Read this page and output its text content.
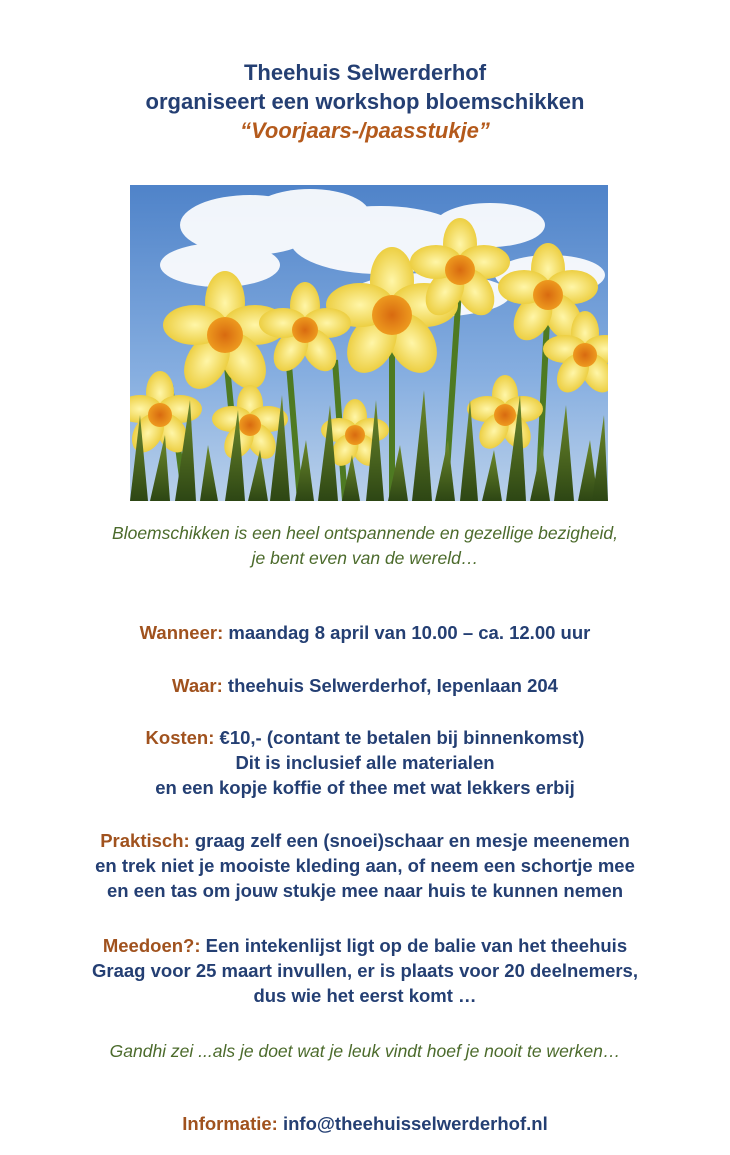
Theehuis Selwerderhof
organiseert een workshop bloemschikken
“Voorjaars-/paasstukje”
Bloemschikken is een heel ontspannende en gezellige bezigheid,
je bent even van de wereld…
Wanneer: maandag 8 april van 10.00 – ca. 12.00 uur
Waar: theehuis Selwerderhof, Iepenlaan 204
Kosten: €10,- (contant te betalen bij binnenkomst)
Dit is inclusief alle materialen
en een kopje koffie of thee met wat lekkers erbij
Praktisch: graag zelf een (snoei)schaar en mesje meenemen
en trek niet je mooiste kleding aan, of neem een schortje mee
en een tas om jouw stukje mee naar huis te kunnen nemen
Meedoen?: Een intekenlijst ligt op de balie van het theehuis
Graag voor 25 maart invullen, er is plaats voor 20 deelnemers,
dus wie het eerst komt …
Gandhi zei ...als je doet wat je leuk vindt hoef je nooit te werken…
Informatie: info@theehuisselwerderhof.nl
